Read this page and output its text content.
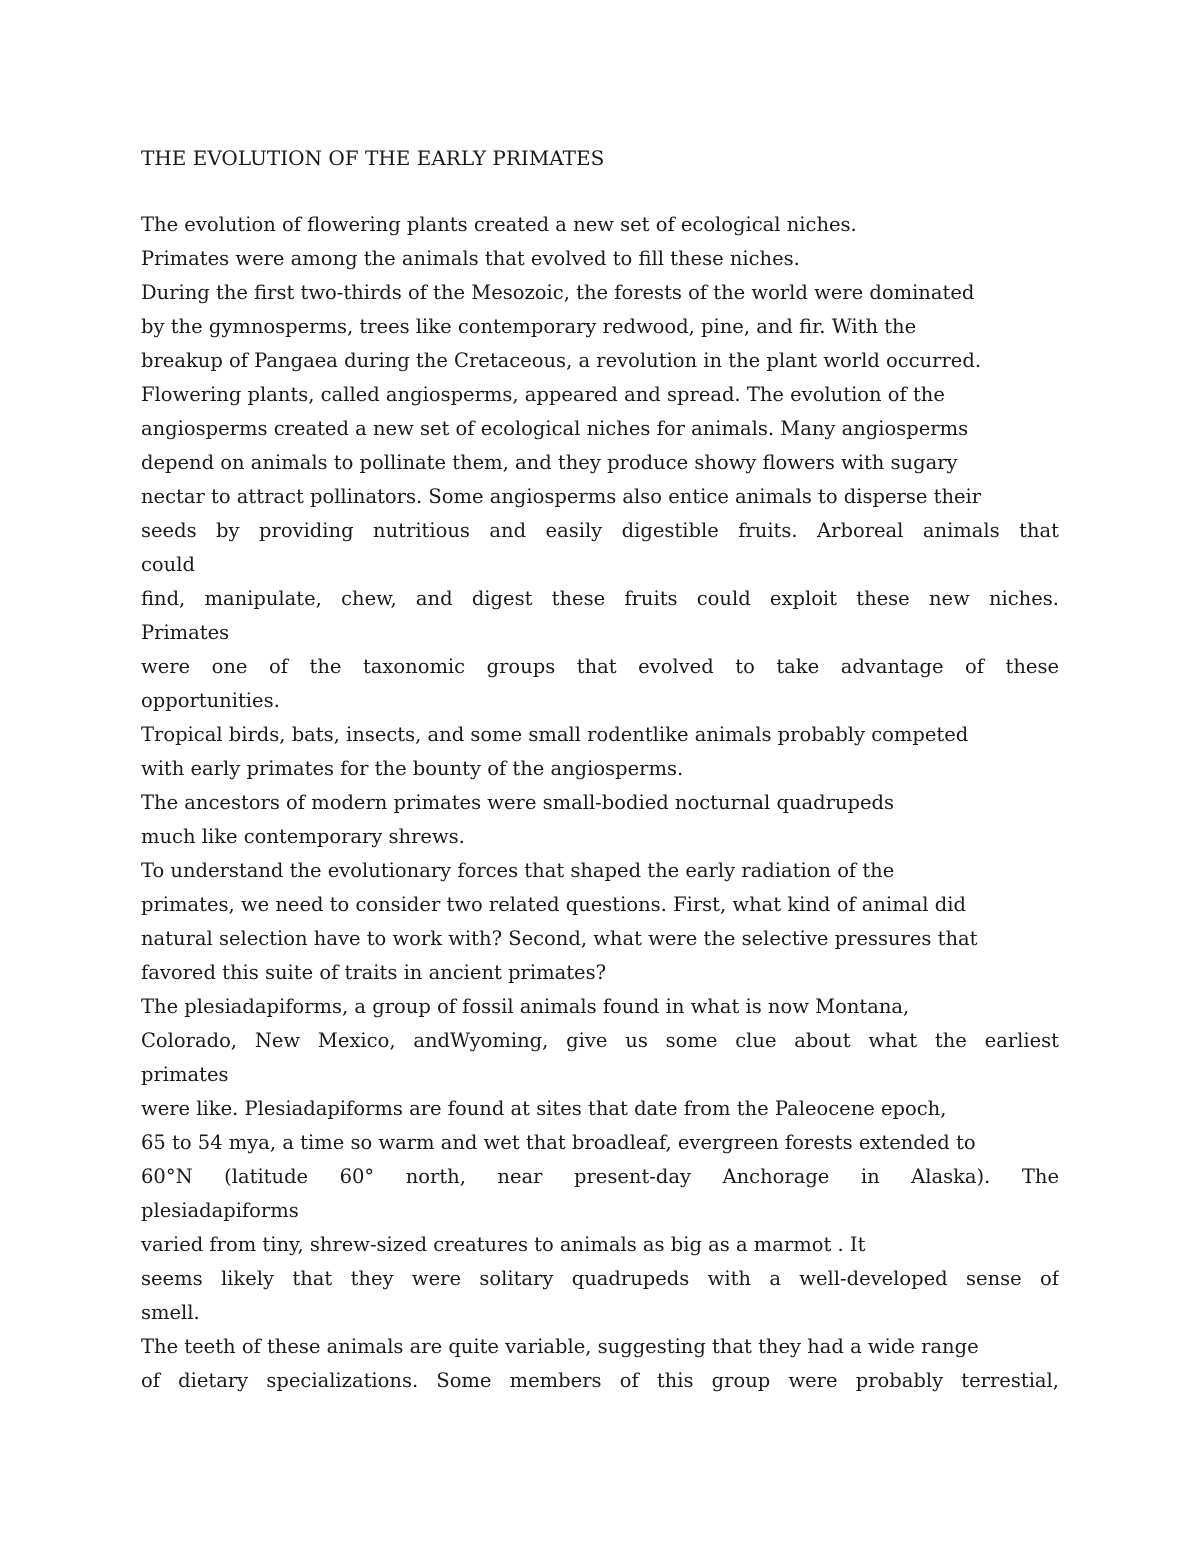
THE EVOLUTION OF THE EARLY PRIMATES
The evolution of flowering plants created a new set of ecological niches.
Primates were among the animals that evolved to fill these niches.
During the first two-thirds of the Mesozoic, the forests of the world were dominated
by the gymnosperms, trees like contemporary redwood, pine, and fir. With the
breakup of Pangaea during the Cretaceous, a revolution in the plant world occurred.
Flowering plants, called angiosperms, appeared and spread. The evolution of the
angiosperms created a new set of ecological niches for animals. Many angiosperms
depend on animals to pollinate them, and they produce showy flowers with sugary
nectar to attract pollinators. Some angiosperms also entice animals to disperse their
seeds by providing nutritious and easily digestible fruits. Arboreal animals that
could
find, manipulate, chew, and digest these fruits could exploit these new niches.
Primates
were one of the taxonomic groups that evolved to take advantage of these
opportunities.
Tropical birds, bats, insects, and some small rodentlike animals probably competed
with early primates for the bounty of the angiosperms.
The ancestors of modern primates were small-bodied nocturnal quadrupeds
much like contemporary shrews.
To understand the evolutionary forces that shaped the early radiation of the
primates, we need to consider two related questions. First, what kind of animal did
natural selection have to work with? Second, what were the selective pressures that
favored this suite of traits in ancient primates?
The plesiadapiforms, a group of fossil animals found in what is now Montana,
Colorado, New Mexico, andWyoming, give us some clue about what the earliest
primates
were like. Plesiadapiforms are found at sites that date from the Paleocene epoch,
65 to 54 mya, a time so warm and wet that broadleaf, evergreen forests extended to
60°N (latitude 60° north, near present-day Anchorage in Alaska). The
plesiadapiforms
varied from tiny, shrew-sized creatures to animals as big as a marmot . It
seems likely that they were solitary quadrupeds with a well-developed sense of
smell.
The teeth of these animals are quite variable, suggesting that they had a wide range
of dietary specializations. Some members of this group were probably terrestial,
